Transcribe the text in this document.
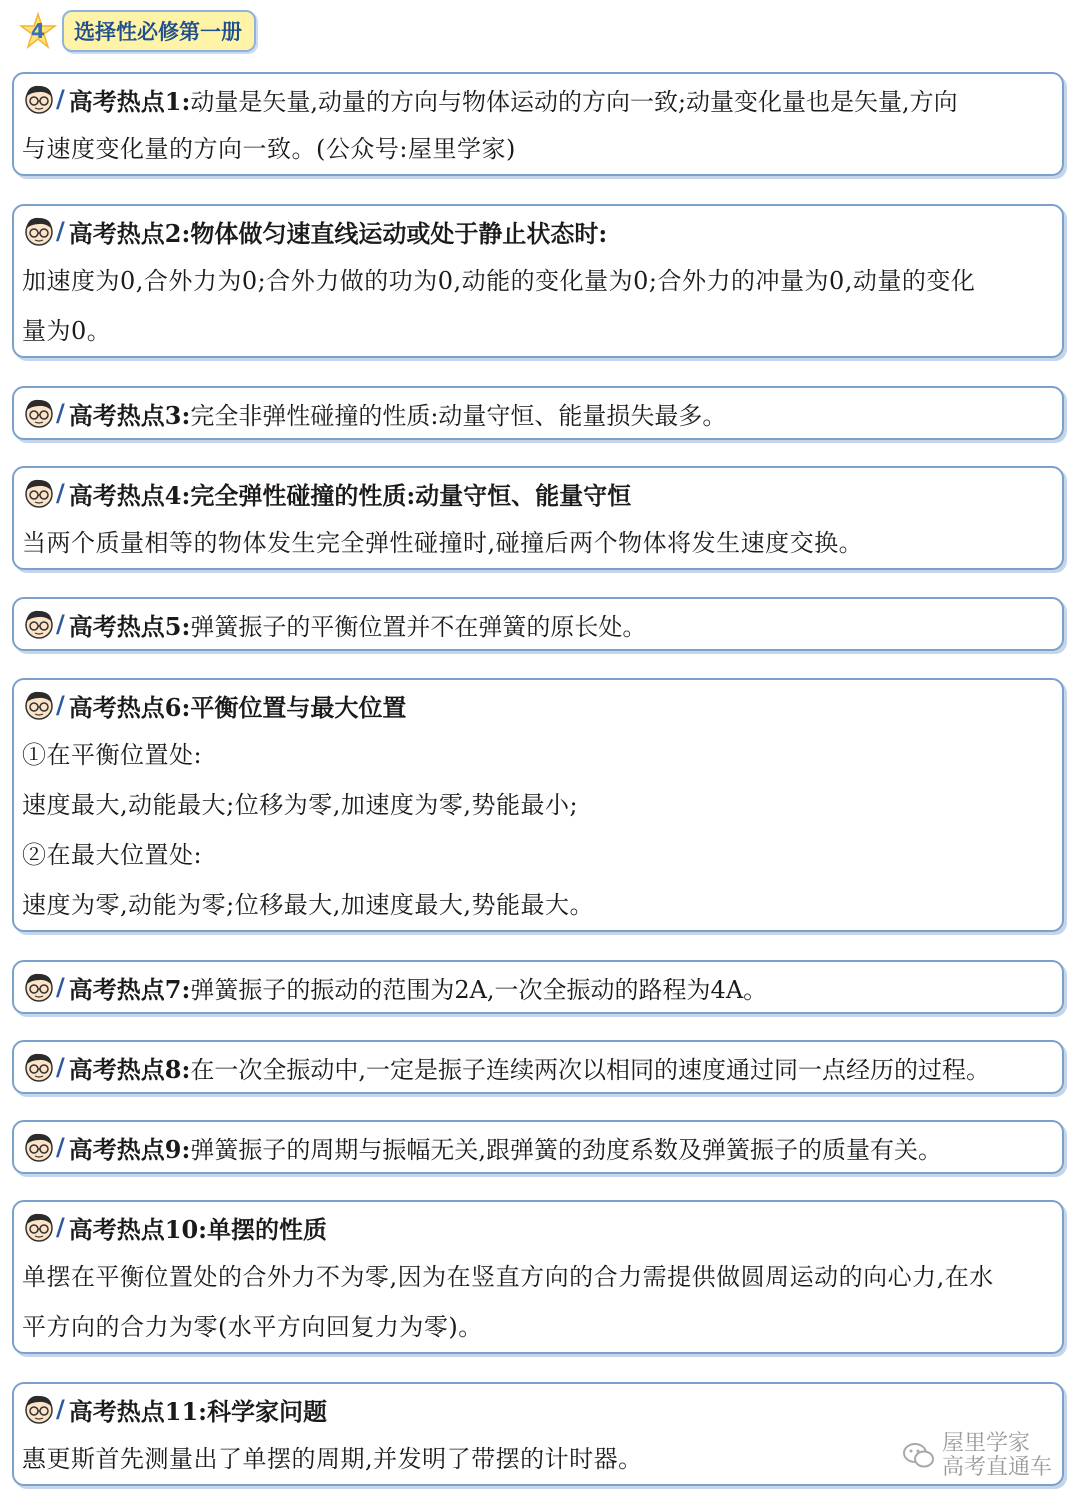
4	选择性必修第一册
/ 高考热点1: 动量是矢量,动量的方向与物体运动的方向一致;动量变化量也是矢量,方向
与速度变化量的方向一致。(公众号:屋里学家)
/ 高考热点2: 物体做匀速直线运动或处于静止状态时:
加速度为0,合外力为0;合外力做的功为0,动能的变化量为0;合外力的冲量为0,动量的变化
量为0。
/ 高考热点3: 完全非弹性碰撞的性质:动量守恒、能量损失最多。
/ 高考热点4: 完全弹性碰撞的性质:动量守恒、能量守恒
当两个质量相等的物体发生完全弹性碰撞时,碰撞后两个物体将发生速度交换。
/ 高考热点5: 弹簧振子的平衡位置并不在弹簧的原长处。
/ 高考热点6: 平衡位置与最大位置
①在平衡位置处:
速度最大,动能最大;位移为零,加速度为零,势能最小;
②在最大位置处:
速度为零,动能为零;位移最大,加速度最大,势能最大。
/ 高考热点7: 弹簧振子的振动的范围为2A,一次全振动的路程为4A。
/ 高考热点8: 在一次全振动中,一定是振子连续两次以相同的速度通过同一点经历的过程。
/ 高考热点9: 弹簧振子的周期与振幅无关,跟弹簧的劲度系数及弹簧振子的质量有关。
/ 高考热点10: 单摆的性质
单摆在平衡位置处的合外力不为零,因为在竖直方向的合力需提供做圆周运动的向心力,在水
平方向的合力为零(水平方向回复力为零)。
/ 高考热点11: 科学家问题
惠更斯首先测量出了单摆的周期,并发明了带摆的计时器。
屋里学家
高考直通车
